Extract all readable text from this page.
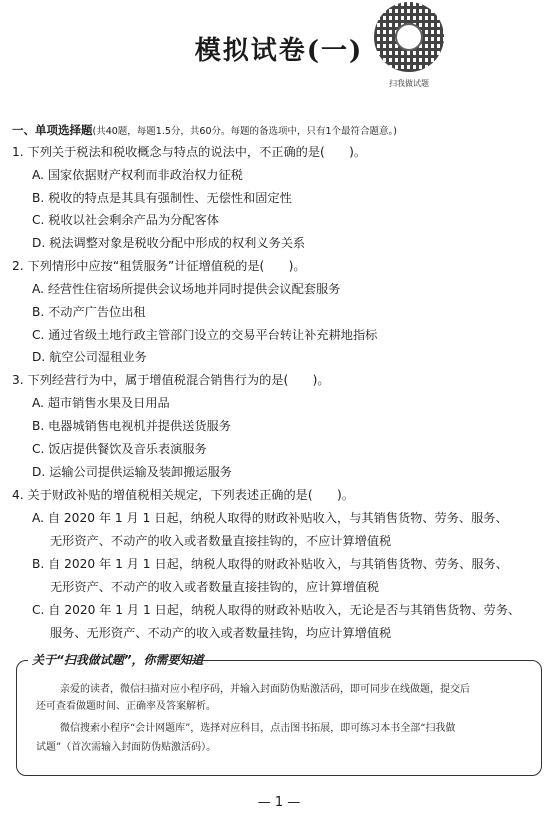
模拟试卷(一)
扫我做试题
一、单项选择题(共40题，每题1.5分，共60分。每题的备选项中，只有1个最符合题意。)
1. 下列关于税法和税收概念与特点的说法中，不正确的是(　　)。
A. 国家依据财产权利而非政治权力征税
B. 税收的特点是其具有强制性、无偿性和固定性
C. 税收以社会剩余产品为分配客体
D. 税法调整对象是税收分配中形成的权利义务关系
2. 下列情形中应按“租赁服务”计征增值税的是(　　)。
A. 经营性住宿场所提供会议场地并同时提供会议配套服务
B. 不动产广告位出租
C. 通过省级土地行政主管部门设立的交易平台转让补充耕地指标
D. 航空公司湿租业务
3. 下列经营行为中，属于增值税混合销售行为的是(　　)。
A. 超市销售水果及日用品
B. 电器城销售电视机并提供送货服务
C. 饭店提供餐饮及音乐表演服务
D. 运输公司提供运输及装卸搬运服务
4. 关于财政补贴的增值税相关规定，下列表述正确的是(　　)。
A. 自 2020 年 1 月 1 日起，纳税人取得的财政补贴收入，与其销售货物、劳务、服务、
无形资产、不动产的收入或者数量直接挂钩的，不应计算增值税
B. 自 2020 年 1 月 1 日起，纳税人取得的财政补贴收入，与其销售货物、劳务、服务、
无形资产、不动产的收入或者数量直接挂钩的，应计算增值税
C. 自 2020 年 1 月 1 日起，纳税人取得的财政补贴收入，无论是否与其销售货物、劳务、
服务、无形资产、不动产的收入或者数量挂钩，均应计算增值税
关于“扫我做试题”，你需要知道
亲爱的读者，微信扫描对应小程序码，并输入封面防伪贴激活码，即可同步在线做题，提交后
还可查看做题时间、正确率及答案解析。
微信搜索小程序“会计网题库”，选择对应科目，点击图书拓展，即可练习本书全部“扫我做
试题”（首次需输入封面防伪贴激活码）。
— 1 —
